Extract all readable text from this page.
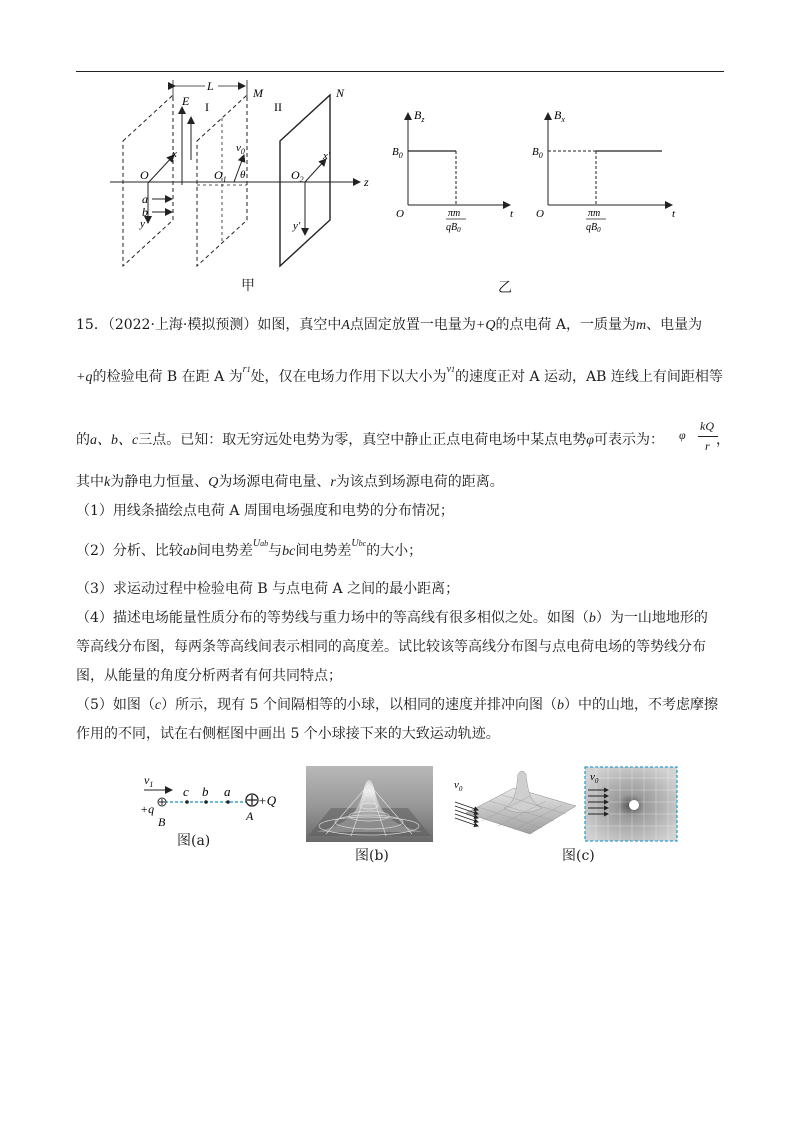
L
E I	II
M	N
z
O
x
y
a
b
$O_1$
$v_0$
θ	$O_2$
x'
y'
甲
$B_z$
$B_0$
O	t
πm
$qB_0$
$B_x$
$B_0$
O	t
πm
$qB_0$
乙
15．（2022·上海·模拟预测）如图，真空中A点固定放置一电量为+Q的点电荷 A，一质量为m、电量为
+q的检验电荷 B 在距 A 为$^{r1}$处，仅在电场力作用下以大小为$^{v1}$的速度正对 A 运动，AB 连线上有间距相等
的a、b、c三点。已知：取无穷远处电势为零，真空中静止正点电荷电场中某点电势φ可表示为： φ
kQ
r ，
其中k为静电力恒量、Q为场源电荷电量、r为该点到场源电荷的距离。
（1）用线条描绘点电荷 A 周围电场强度和电势的分布情况；
（2）分析、比较ab间电势差$^{Uab}$与bc间电势差$^{Ubc}$的大小；
（3）求运动过程中检验电荷 B 与点电荷 A 之间的最小距离；
（4）描述电场能量性质分布的等势线与重力场中的等高线有很多相似之处。如图（b）为一山地地形的
等高线分布图，每两条等高线间表示相同的高度差。试比较该等高线分布图与点电荷电场的等势线分布
图，从能量的角度分析两者有何共同特点；
（5）如图（c）所示，现有 5 个间隔相等的小球，以相同的速度并排冲向图（b）中的山地，不考虑摩擦
作用的不同，试在右侧框图中画出 5 个小球接下来的大致运动轨迹。
$v_1$
+q
B
c b a
+Q
A
图(a)
图(b)
$v_0$
$v_0$
图(c)
